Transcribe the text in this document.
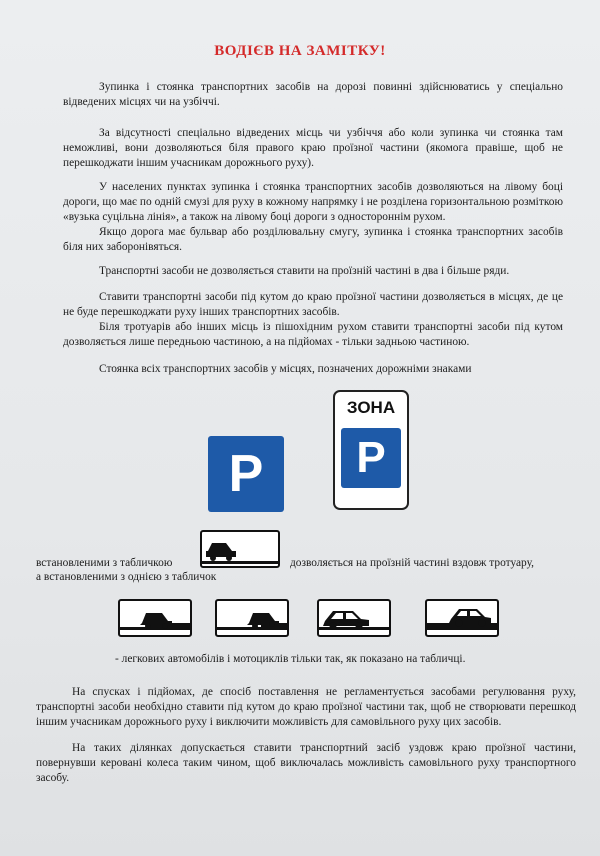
ВОДІЄВ НА ЗАМІТКУ!

Зупинка і стоянка транспортних засобів на дорозі повинні здійснюватись у спеціально відведених місцях чи на узбіччі.

За відсутності спеціально відведених місць чи узбіччя або коли зупинка чи стоянка там неможливі, вони дозволяються біля правого краю проїзної частини (якомога правіше, щоб не перешкоджати іншим учасникам дорожнього руху).

У населених пунктах зупинка і стоянка транспортних засобів дозволяються на лівому боці дороги, що має по одній смузі для руху в кожному напрямку і не розділена горизонтальною розміткою «вузька суцільна лінія», а також на лівому боці дороги з одностороннім рухом.

Якщо дорога має бульвар або розділювальну смугу, зупинка і стоянка транспортних засобів біля них заборонівяться.

Транспортні засоби не дозволяється ставити на проїзній частині в два і більше ряди.

Ставити транспортні засоби під кутом до краю проїзної частини дозволяється в місцях, де це не буде перешкоджати руху інших транспортних засобів.

Біля тротуарів або інших місць із пішохідним рухом ставити транспортні засоби під кутом дозволяється лише передньою частиною, а на підйомах - тільки задньою частиною.

Стоянка всіх транспортних засобів у місцях, позначених дорожніми знаками

P
ЗОНА
P
встановленими з табличкою	дозволяється на проїзній частині вздовж тротуару,
а встановленими з однією з табличок

- легкових автомобілів і мотоциклів тільки так, як показано на табличці.

На спусках і підйомах, де спосіб поставлення не регламентується засобами регулювання руху, транспортні засоби необхідно ставити під кутом до краю проїзної частини так, щоб не створювати перешкод іншим учасникам дорожнього руху і виключити можливість для самовільного руху цих засобів.

На таких ділянках допускається ставити транспортний засіб уздовж краю проїзної частини, повернувши керовані колеса таким чином, щоб виключалась можливість самовільного руху транспортного засобу.
